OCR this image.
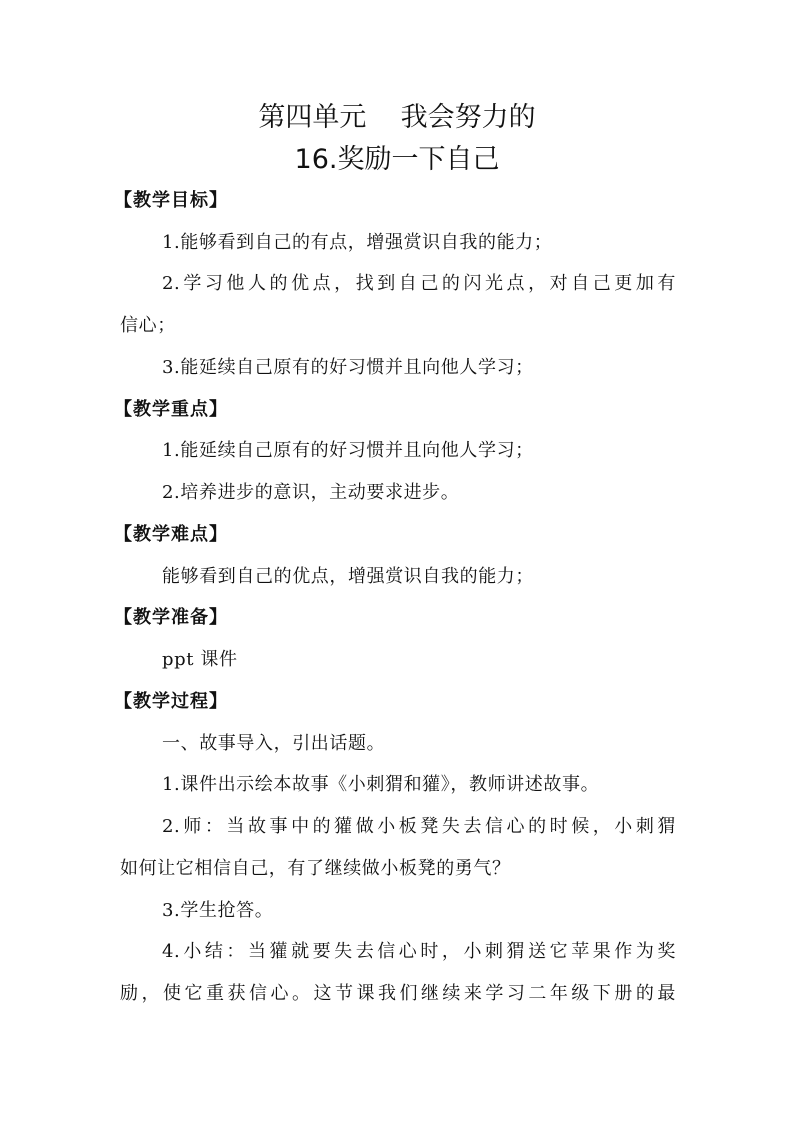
第四单元    我会努力的
16.奖励一下自己
【教学目标】
1.能够看到自己的有点，增强赏识自我的能力；
2.学习他人的优点，找到自己的闪光点，对自己更加有
信心；
3.能延续自己原有的好习惯并且向他人学习；
【教学重点】
1.能延续自己原有的好习惯并且向他人学习；
2.培养进步的意识，主动要求进步。
【教学难点】
能够看到自己的优点，增强赏识自我的能力；
【教学准备】
ppt 课件
【教学过程】
一、故事导入，引出话题。
1.课件出示绘本故事《小刺猬和獾》，教师讲述故事。
2.师：当故事中的獾做小板凳失去信心的时候，小刺猬
如何让它相信自己，有了继续做小板凳的勇气？
3.学生抢答。
4.小结：当獾就要失去信心时，小刺猬送它苹果作为奖
励，使它重获信心。这节课我们继续来学习二年级下册的最
